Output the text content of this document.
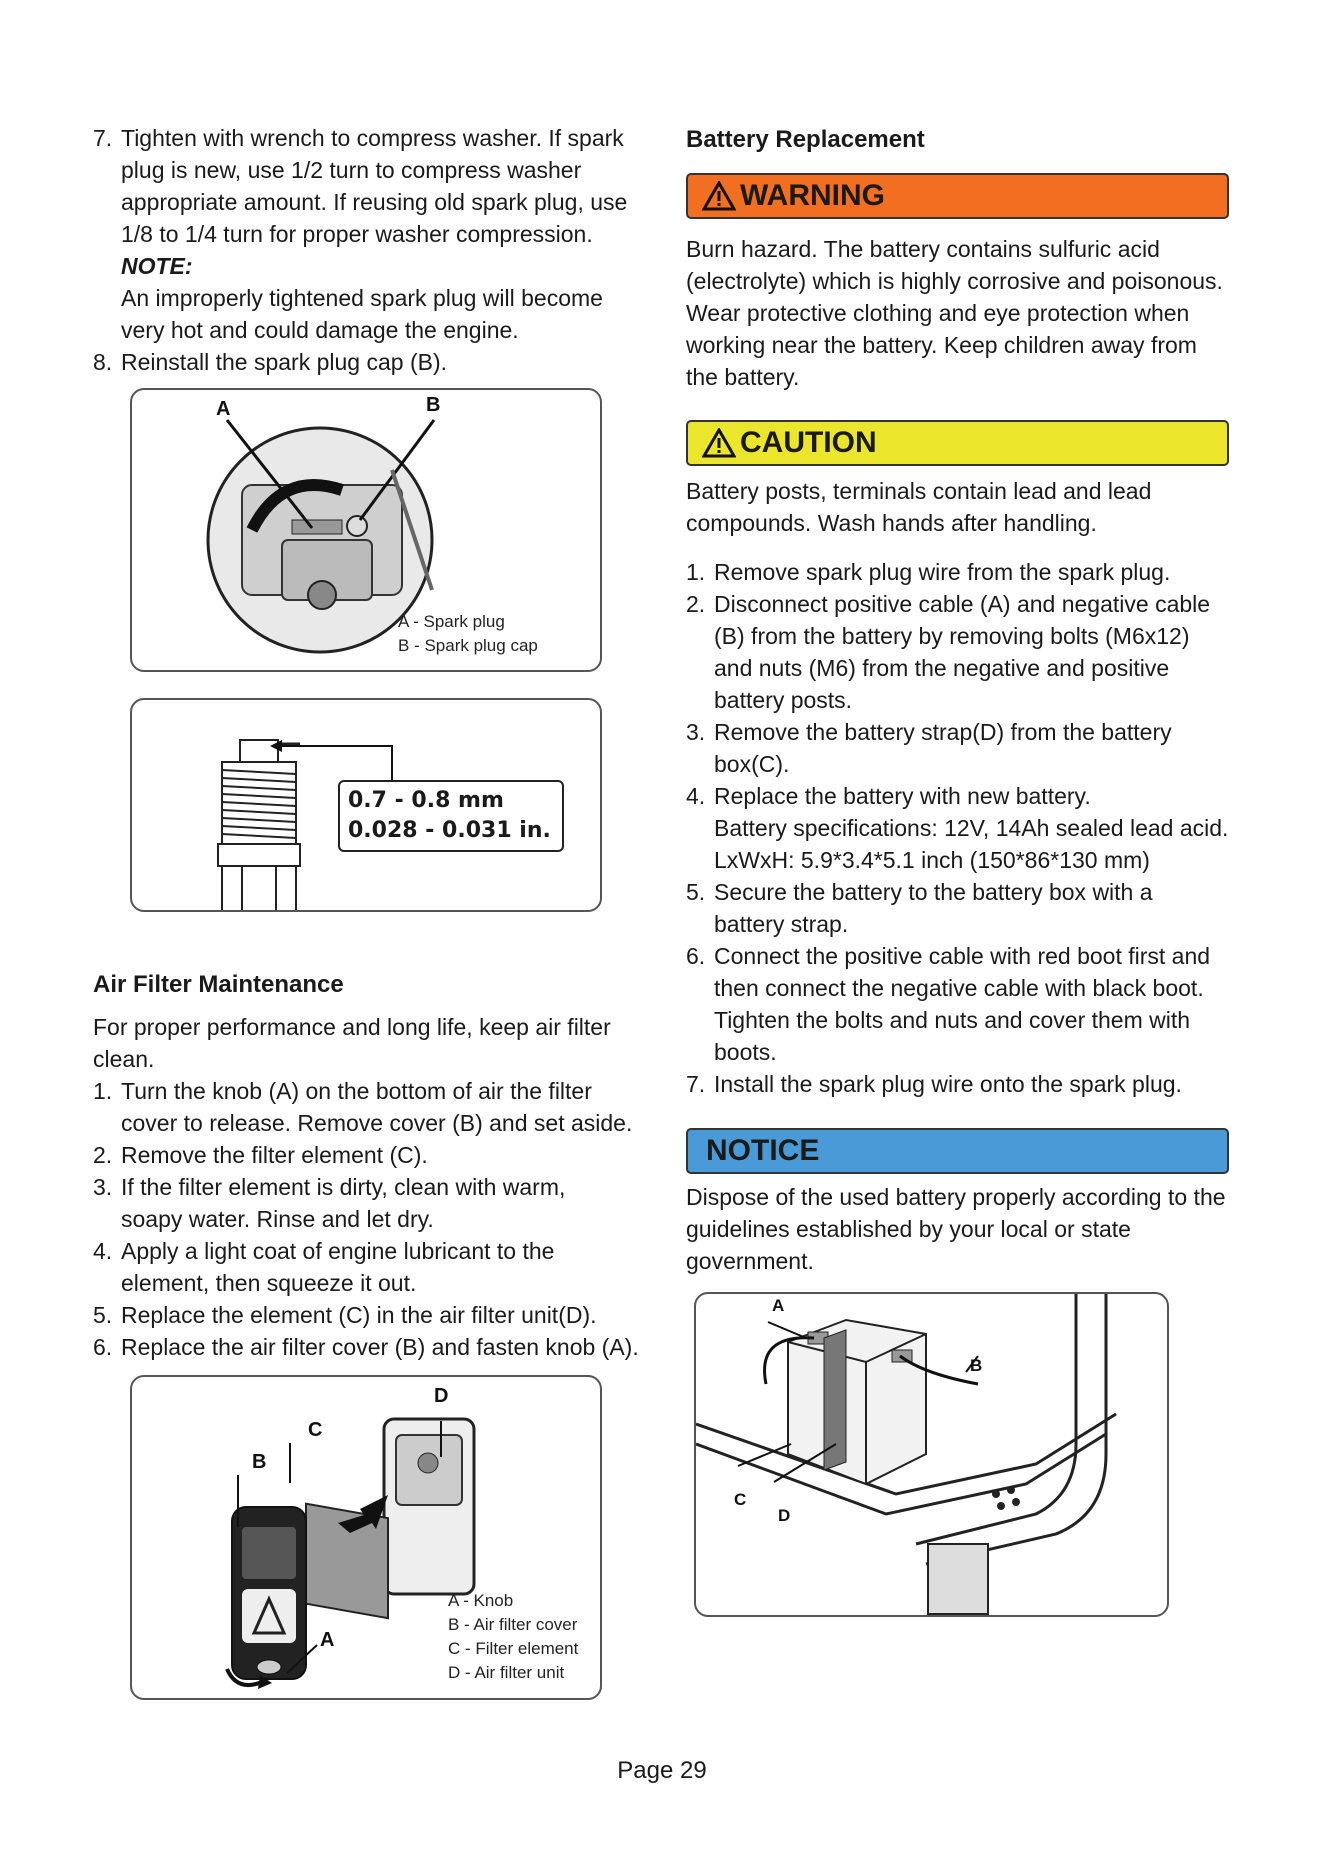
7. Tighten with wrench to compress washer. If spark
plug is new, use 1/2 turn to compress washer
appropriate amount. If reusing old spark plug, use
1/8 to 1/4 turn for proper washer compression.
NOTE:
An improperly tightened spark plug will become
very hot and could damage the engine.
8. Reinstall the spark plug cap (B).
A	B
A - Spark plug
B - Spark plug cap
0.7 - 0.8 mm
0.028 - 0.031 in.
Air Filter Maintenance
For proper performance and long life, keep air filter
clean.
1. Turn the knob (A) on the bottom of air the filter
cover to release. Remove cover (B) and set aside.
2. Remove the filter element (C).
3. If the filter element is dirty, clean with warm,
soapy water. Rinse and let dry.
4. Apply a light coat of engine lubricant to the
element, then squeeze it out.
5. Replace the element (C) in the air filter unit(D).
6. Replace the air filter cover (B) and fasten knob (A).
D
C
B
A
A - Knob
B - Air filter cover
C - Filter element
D - Air filter unit
Battery Replacement
WARNING
Burn hazard. The battery contains sulfuric acid
(electrolyte) which is highly corrosive and poisonous.
Wear protective clothing and eye protection when
working near the battery. Keep children away from
the battery.
CAUTION
Battery posts, terminals contain lead and lead
compounds. Wash hands after handling.
1. Remove spark plug wire from the spark plug.
2. Disconnect positive cable (A) and negative cable
(B) from the battery by removing bolts (M6x12)
and nuts (M6) from the negative and positive
battery posts.
3. Remove the battery strap(D) from the battery
box(C).
4. Replace the battery with new battery.
Battery specifications: 12V, 14Ah sealed lead acid.
LxWxH: 5.9*3.4*5.1 inch (150*86*130 mm)
5. Secure the battery to the battery box with a
battery strap.
6. Connect the positive cable with red boot first and
then connect the negative cable with black boot.
Tighten the bolts and nuts and cover them with
boots.
7. Install the spark plug wire onto the spark plug.
NOTICE
Dispose of the used battery properly according to the
guidelines established by your local or state
government.
A
B
C
D
Page 29
